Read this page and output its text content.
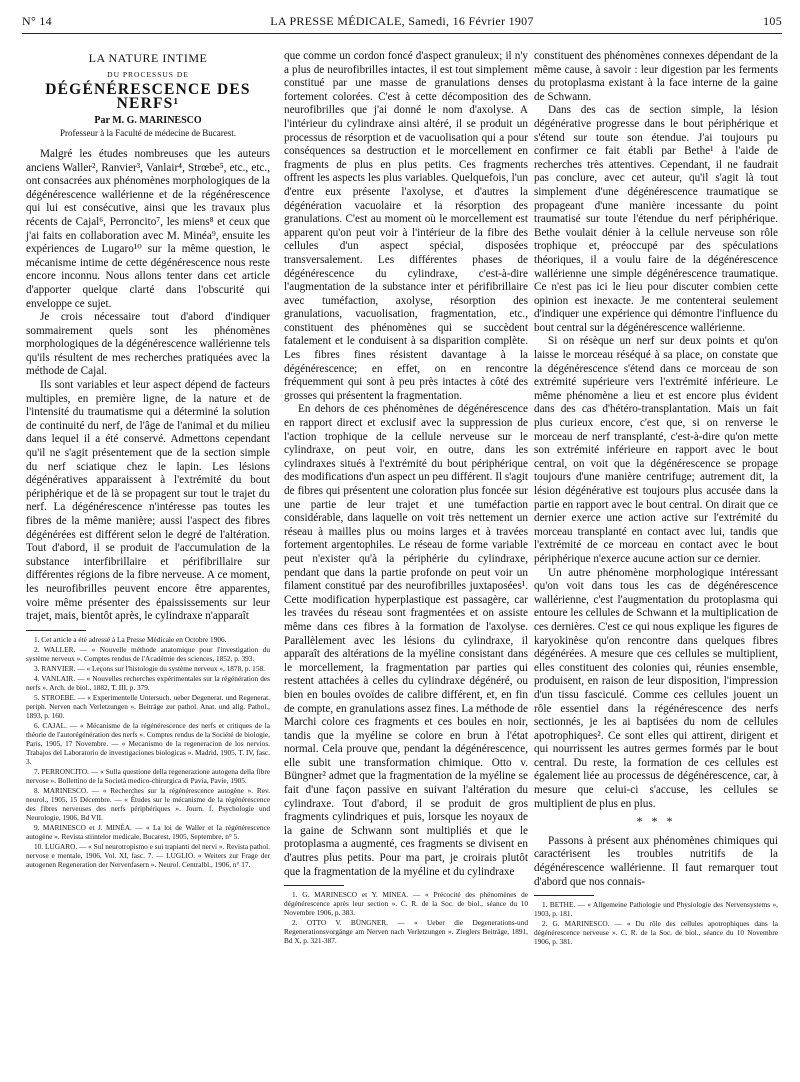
N° 14	LA PRESSE MÉDICALE, Samedi, 16 Février 1907	105
LA NATURE INTIME
DU PROCESSUS DE
DÉGÉNÉRESCENCE DES NERFS¹
Par M. G. MARINESCO
Professeur à la Faculté de médecine de Bucarest.

Malgré les études nombreuses que les auteurs anciens Waller², Ranvier³, Vanlair⁴, Strœbe⁵, etc., etc., ont consacrées aux phénomènes morphologiques de la dégénérescence wallérienne et de la régénérescence qui lui est consécutive, ainsi que les travaux plus récents de Cajal⁶, Perroncito⁷, les miens⁸ et ceux que j'ai faits en collaboration avec M. Minéa⁹, ensuite les expériences de Lugaro¹⁰ sur la même question, le mécanisme intime de cette dégénérescence nous reste encore inconnu. Nous allons tenter dans cet article d'apporter quelque clarté dans l'obscurité qui enveloppe ce sujet.

Je crois nécessaire tout d'abord d'indiquer sommairement quels sont les phénomènes morphologiques de la dégénérescence wallérienne tels qu'ils résultent de mes recherches pratiquées avec la méthode de Cajal.

Ils sont variables et leur aspect dépend de facteurs multiples, en première ligne, de la nature et de l'intensité du traumatisme qui a déterminé la solution de continuité du nerf, de l'âge de l'animal et du milieu dans lequel il a été conservé. Admettons cependant qu'il ne s'agit présentement que de la section simple du nerf sciatique chez le lapin. Les lésions dégénératives apparaissent à l'extrémité du bout périphérique et de là se propagent sur tout le trajet du nerf. La dégénérescence n'intéresse pas toutes les fibres de la même manière; aussi l'aspect des fibres dégénérées est différent selon le degré de l'altération. Tout d'abord, il se produit de l'accumulation de la substance interfibrillaire et périfibrillaire sur différentes régions de la fibre nerveuse. A ce moment, les neurofibrilles peuvent encore être apparentes, voire même présenter des épaississements sur leur trajet, mais, bientôt après, le cylindraxe n'apparaît

1. Cet article a été adressé à La Presse Médicale en Octobre 1906.
2. WALLER. — « Nouvelle méthode anatomique pour l'investigation du système nerveux ». Comptes rendus de l'Académie des sciences, 1852, p. 393.
3. RANVIER. — « Leçons sur l'histologie du système nerveux », 1878, p. 158.
4. VANLAIR. — « Nouvelles recherches expérimentales sur la régénération des nerfs ». Arch. de biol., 1882, T. III, p. 379.
5. STROEBE. — « Experimentelle Untersuch. ueber Degenerat. und Regenerat. periph. Nerven nach Verletzungen ». Beiträge zur pathol. Anat. und allg. Pathol., 1893, p. 160.
6. CAJAL. — « Mécanisme de la régénérescence des nerfs et critiques de la théorie de l'autorégénération des nerfs ». Comptes rendus de la Société de biologie, Paris, 1905, 17 Novembre. — « Mecanismo de la regeneracion de los nervios. Trabajos del Laboratorio de investigaciones biologicas ». Madrid, 1905, T. IV, fasc. 3.
7. PERRONCITO. — « Sulla questione della regenerazione autogena della fibre nervose ». Bollettino de la Società medico-chirurgica di Pavia, Pavie, 1905.
8. MARINESCO. — « Recherches sur la régénérescence autogène ». Rev. neurol., 1905, 15 Décembre. — « Études sur le mécanisme de la régénérescence des fibres nerveuses des nerfs périphériques ». Journ. f. Psychologie und Neurologie, 1906, Bd VII.
9. MARINESCO et J. MINÉA. — « La loi de Waller et la régénérescence autogène ». Revista stiintelor medicale, Bucarest, 1905, Septembre, n° 5.
10. LUGARO. — « Sul neurotropismo e sui trapianti del nervi ». Revista pathol. nervose e mentale, 1906, Vol. XI, fasc. 7. — LUGLIO. « Weiters zur Frage der autogenen Regeneration der Nervenfasern ». Neurol. Centralbl., 1906, n° 17.

que comme un cordon foncé d'aspect granuleux; il n'y a plus de neurofibrilles intactes, il est tout simplement constitué par une masse de granulations denses fortement colorées. C'est à cette décomposition des neurofibrilles que j'ai donné le nom d'axolyse. A l'intérieur du cylindraxe ainsi altéré, il se produit un processus de résorption et de vacuolisation qui a pour conséquences sa destruction et le morcellement en fragments de plus en plus petits. Ces fragments offrent les aspects les plus variables. Quelquefois, l'un d'entre eux présente l'axolyse, et d'autres la dégénération vacuolaire et la résorption des granulations. C'est au moment où le morcellement est apparent qu'on peut voir à l'intérieur de la fibre des cellules d'un aspect spécial, disposées transversalement. Les différentes phases de dégénérescence du cylindraxe, c'est-à-dire l'augmentation de la substance inter et périfibrillaire avec tuméfaction, axolyse, résorption des granulations, vacuolisation, fragmentation, etc., constituent des phénomènes qui se succèdent fatalement et le conduisent à sa disparition complète. Les fibres fines résistent davantage à la dégénérescence; en effet, on en rencontre fréquemment qui sont à peu près intactes à côté des grosses qui présentent la fragmentation.

En dehors de ces phénomènes de dégénérescence en rapport direct et exclusif avec la suppression de l'action trophique de la cellule nerveuse sur le cylindraxe, on peut voir, en outre, dans les cylindraxes situés à l'extrémité du bout périphérique des modifications d'un aspect un peu différent. Il s'agit de fibres qui présentent une coloration plus foncée sur une partie de leur trajet et une tuméfaction considérable, dans laquelle on voit très nettement un réseau à mailles plus ou moins larges et à travées fortement argentophiles. Le réseau de forme variable peut n'exister qu'à la périphérie du cylindraxe, pendant que dans la partie profonde on peut voir un filament constitué par des neurofibrilles juxtaposées¹. Cette modification hyperplastique est passagère, car les travées du réseau sont fragmentées et on assiste même dans ces fibres à la formation de l'axolyse. Parallèlement avec les lésions du cylindraxe, il apparaît des altérations de la myéline consistant dans le morcellement, la fragmentation par parties qui restent attachées à celles du cylindraxe dégénéré, ou bien en boules ovoïdes de calibre différent, et, en fin de compte, en granulations assez fines. La méthode de Marchi colore ces fragments et ces boules en noir, tandis que la myéline se colore en brun à l'état normal. Cela prouve que, pendant la dégénérescence, elle subit une transformation chimique. Otto v. Büngner² admet que la fragmentation de la myéline se fait d'une façon passive en suivant l'altération du cylindraxe. Tout d'abord, il se produit de gros fragments cylindriques et puis, lorsque les noyaux de la gaine de Schwann sont multipliés et que le protoplasma a augmenté, ces fragments se divisent en d'autres plus petits. Pour ma part, je croirais plutôt que la fragmentation de la myéline et du cylindraxe

1. G. MARINESCO et Y. MINEA. — « Précocité des phénomènes de dégénérescence après leur section ». C. R. de la Soc. de biol., séance du 10 Novembre 1906, p. 383.
2. OTTO V. BÜNGNER. — « Ueber die Degenerations-und Regenerationsvorgänge am Nerven nach Verletzungen ». Zieglers Beiträge, 1891, Bd X, p. 321-387.

constituent des phénomènes connexes dépendant de la même cause, à savoir : leur digestion par les ferments du protoplasma existant à la face interne de la gaine de Schwann.

Dans des cas de section simple, la lésion dégénérative progresse dans le bout périphérique et s'étend sur toute son étendue. J'ai toujours pu confirmer ce fait établi par Bethe¹ à l'aide de recherches très attentives. Cependant, il ne faudrait pas conclure, avec cet auteur, qu'il s'agit là tout simplement d'une dégénérescence traumatique se propageant d'une manière incessante du point traumatisé sur toute l'étendue du nerf périphérique. Bethe voulait dénier à la cellule nerveuse son rôle trophique et, préoccupé par des spéculations théoriques, il a voulu faire de la dégénérescence wallérienne une simple dégénérescence traumatique. Ce n'est pas ici le lieu pour discuter combien cette opinion est inexacte. Je me contenterai seulement d'indiquer une expérience qui démontre l'influence du bout central sur la dégénérescence wallérienne.

Si on résèque un nerf sur deux points et qu'on laisse le morceau réséqué à sa place, on constate que la dégénérescence s'étend dans ce morceau de son extrémité supérieure vers l'extrémité inférieure. Le même phénomène a lieu et est encore plus évident dans des cas d'hétéro-transplantation. Mais un fait plus curieux encore, c'est que, si on renverse le morceau de nerf transplanté, c'est-à-dire qu'on mette son extrémité inférieure en rapport avec le bout central, on voit que la dégénérescence se propage toujours d'une manière centrifuge; autrement dit, la lésion dégénérative est toujours plus accusée dans la partie en rapport avec le bout central. On dirait que ce dernier exerce une action active sur l'extrémité du morceau transplanté en contact avec lui, tandis que l'extrémité de ce morceau en contact avec le bout périphérique n'exerce aucune action sur ce dernier.

Un autre phénomène morphologique intéressant qu'on voit dans tous les cas de dégénérescence wallérienne, c'est l'augmentation du protoplasma qui entoure les cellules de Schwann et la multiplication de ces dernières. C'est ce qui nous explique les figures de karyokinèse qu'on rencontre dans quelques fibres dégénérées. A mesure que ces cellules se multiplient, elles constituent des colonies qui, réunies ensemble, produisent, en raison de leur disposition, l'impression d'un tissu fasciculé. Comme ces cellules jouent un rôle essentiel dans la régénérescence des nerfs sectionnés, je les ai baptisées du nom de cellules apotrophiques². Ce sont elles qui attirent, dirigent et qui nourrissent les autres germes formés par le bout central. Du reste, la formation de ces cellules est également liée au processus de dégénérescence, car, à mesure que celui-ci s'accuse, les cellules se multiplient de plus en plus.

* * *

Passons à présent aux phénomènes chimiques qui caractérisent les troubles nutritifs de la dégénérescence wallérienne. Il faut remarquer tout d'abord que nos connais-

1. BETHE. — « Allgemeine Pathologie und Physiologie des Nervensystems », 1903, p. 181.
2. G. MARINESCO. — « Du rôle des cellules apotrophiques dans la dégénérescence nerveuse ». C. R. de la Soc. de biol., séance du 10 Novembre 1906, p. 381.
